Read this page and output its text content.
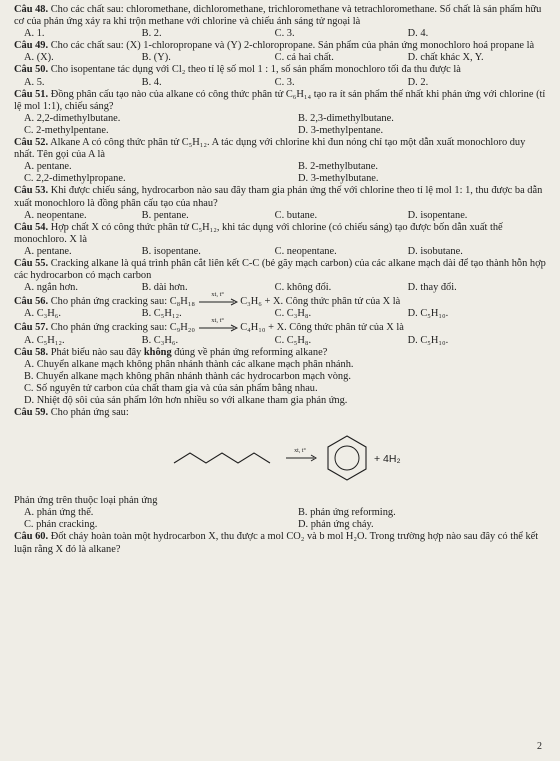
Câu 48. Cho các chất sau: chloromethane, dichloromethane, trichloromethane và tetrachloromethane. Số chất là sản phẩm hữu cơ của phản ứng xảy ra khi trộn methane với chlorine và chiếu ánh sáng tử ngoại là

A. 1.	B. 2.	C. 3.	D. 4.

Câu 49. Cho các chất sau: (X) 1-chloropropane và (Y) 2-chloropropane. Sản phẩm của phản ứng monochloro hoá propane là

A. (X).	B. (Y).	C. cả hai chất.	D. chất khác X, Y.

Câu 50. Cho isopentane tác dụng với Cl₂ theo tỉ lệ số mol 1 : 1, số sản phẩm monochloro tối đa thu được là

A. 5.	B. 4.	C. 3.	D. 2.

Câu 51. Đồng phân cấu tạo nào của alkane có công thức phân tử C₆H₁₄ tạo ra ít sản phẩm thế nhất khi phản ứng với chlorine (tỉ lệ mol 1:1), chiếu sáng?

A. 2,2-dimethylbutane.	B. 2,3-dimethylbutane.
C. 2-methylpentane.	D. 3-methylpentane.

Câu 52. Alkane A có công thức phân tử C₅H₁₂. A tác dụng với chlorine khi đun nóng chỉ tạo một dẫn xuất monochloro duy nhất. Tên gọi của A là

A. pentane.	B. 2-methylbutane.
C. 2,2-dimethylpropane.	D. 3-methylbutane.

Câu 53. Khi được chiếu sáng, hydrocarbon nào sau đây tham gia phản ứng thế với chlorine theo tỉ lệ mol 1: 1, thu được ba dẫn xuất monochloro là đồng phân cấu tạo của nhau?

A. neopentane.	B. pentane.	C. butane.	D. isopentane.

Câu 54. Hợp chất X có công thức phân tử C₅H₁₂, khi tác dụng với chlorine (có chiếu sáng) tạo được bốn dẫn xuất thế monochloro. X là

A. pentane.	B. isopentane.	C. neopentane.	D. isobutane.

Câu 55. Cracking alkane là quá trình phân cắt liên kết C-C (bẻ gãy mạch carbon) của các alkane mạch dài để tạo thành hỗn hợp các hydrocarbon có mạch carbon

A. ngắn hơn.	B. dài hơn.	C. không đổi.	D. thay đổi.

Câu 56. Cho phản ứng cracking sau: C₈H₁₈
xt, t°
C₃H₆ + X. Công thức phân tử của X là

A. C₃H₆.	B. C₅H₁₂.	C. C₃H₈.	D. C₅H₁₀.

Câu 57. Cho phản ứng cracking sau: C₉H₂₀
xt, t°
C₄H₁₀ + X. Công thức phân tử của X là

A. C₅H₁₂.	B. C₃H₆.	C. C₅H₈.	D. C₅H₁₀.

Câu 58. Phát biểu nào sau đây không đúng về phản ứng reforming alkane?

A. Chuyển alkane mạch không phân nhánh thành các alkane mạch phân nhánh.

B. Chuyển alkane mạch không phân nhánh thành các hydrocarbon mạch vòng.

C. Số nguyên tử carbon của chất tham gia và của sản phẩm bằng nhau.

D. Nhiệt độ sôi của sản phẩm lớn hơn nhiều so với alkane tham gia phản ứng.

Câu 59. Cho phản ứng sau:

xt, t°
+ 4H₂

Phản ứng trên thuộc loại phản ứng

A. phản ứng thế.	B. phản ứng reforming.
C. phản cracking.	D. phản ứng cháy.

Câu 60. Đốt cháy hoàn toàn một hydrocarbon X, thu được a mol CO₂ và b mol H₂O. Trong trường hợp nào sau đây có thể kết luận rằng X đó là alkane?

2
